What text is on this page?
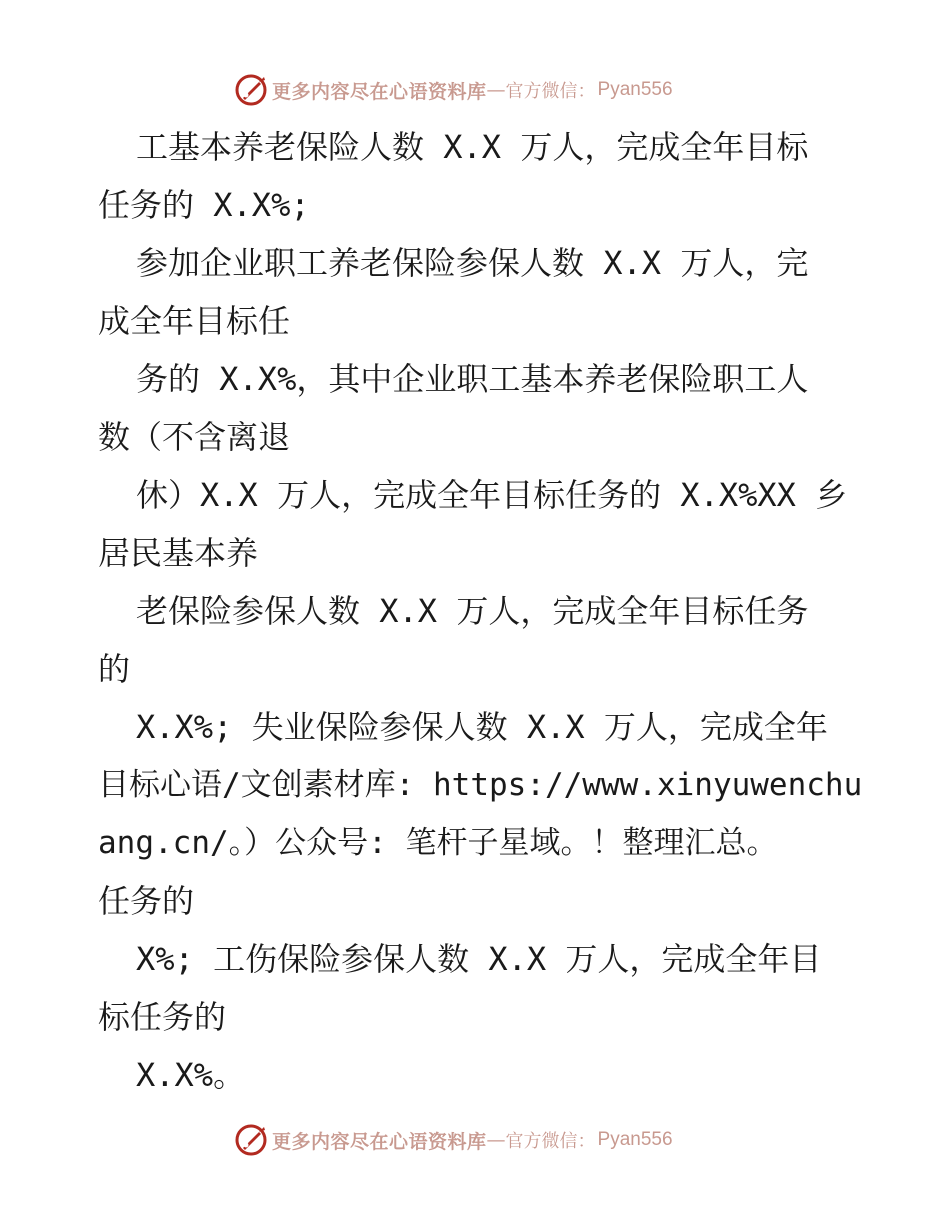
更多内容尽在心语资料库 — 官方微信： Pyan556
工基本养老保险人数 X.X 万人，完成全年目标
任务的 X.X%;
参加企业职工养老保险参保人数 X.X 万人，完
成全年目标任
务的 X.X%，其中企业职工基本养老保险职工人
数（不含离退
休）X.X 万人，完成全年目标任务的 X.X%XX 乡
居民基本养
老保险参保人数 X.X 万人，完成全年目标任务
的
X.X%; 失业保险参保人数 X.X 万人，完成全年
目标心语/文创素材库: https://www.xinyuwenchu
ang.cn/。）公众号: 笔杆子星域。！整理汇总。
任务的
X%; 工伤保险参保人数 X.X 万人，完成全年目
标任务的
X.X%。
更多内容尽在心语资料库 — 官方微信： Pyan556
